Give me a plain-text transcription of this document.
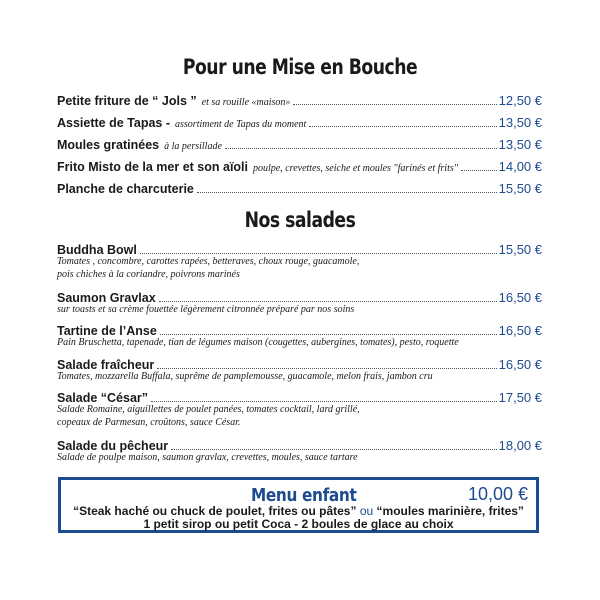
Pour une Mise en Bouche
Petite friture de “ Jols ” et sa rouille «maison»	12,50 €
Assiette de Tapas - assortiment de Tapas du moment	13,50 €
Moules gratinées à la persillade	13,50 €
Frito Misto de la mer et son aïoli poulpe, crevettes, seiche et moules "farinés et frits"	14,00 €
Planche de charcuterie	15,50 €
Nos salades
Buddha Bowl	15,50 €
Tomates , concombre, carottes rapées, betteraves, choux rouge, guacamole,
pois chiches à la coriandre, poivrons marinés
Saumon Gravlax	16,50 €
sur toasts et sa crème fouettée légèrement citronnée préparé par nos soins
Tartine de l’Anse	16,50 €
Pain Bruschetta, tapenade, tian de légumes maison (cougettes, aubergines, tomates), pesto, roquette
Salade fraîcheur	16,50 €
Tomates, mozzarella Buffala, suprême de pamplemousse, guacamole, melon frais, jambon cru
Salade “César”	17,50 €
Salade Romaine, aiguillettes de poulet panées, tomates cocktail, lard grillé,
copeaux de Parmesan, croûtons, sauce César.
Salade du pêcheur	18,00 €
Salade de poulpe maison, saumon gravlax, crevettes, moules, sauce tartare
Menu enfant	10,00 €
“Steak haché ou chuck de poulet, frites ou pâtes” ou “moules marinière, frites”
1 petit sirop ou petit Coca - 2 boules de glace au choix
